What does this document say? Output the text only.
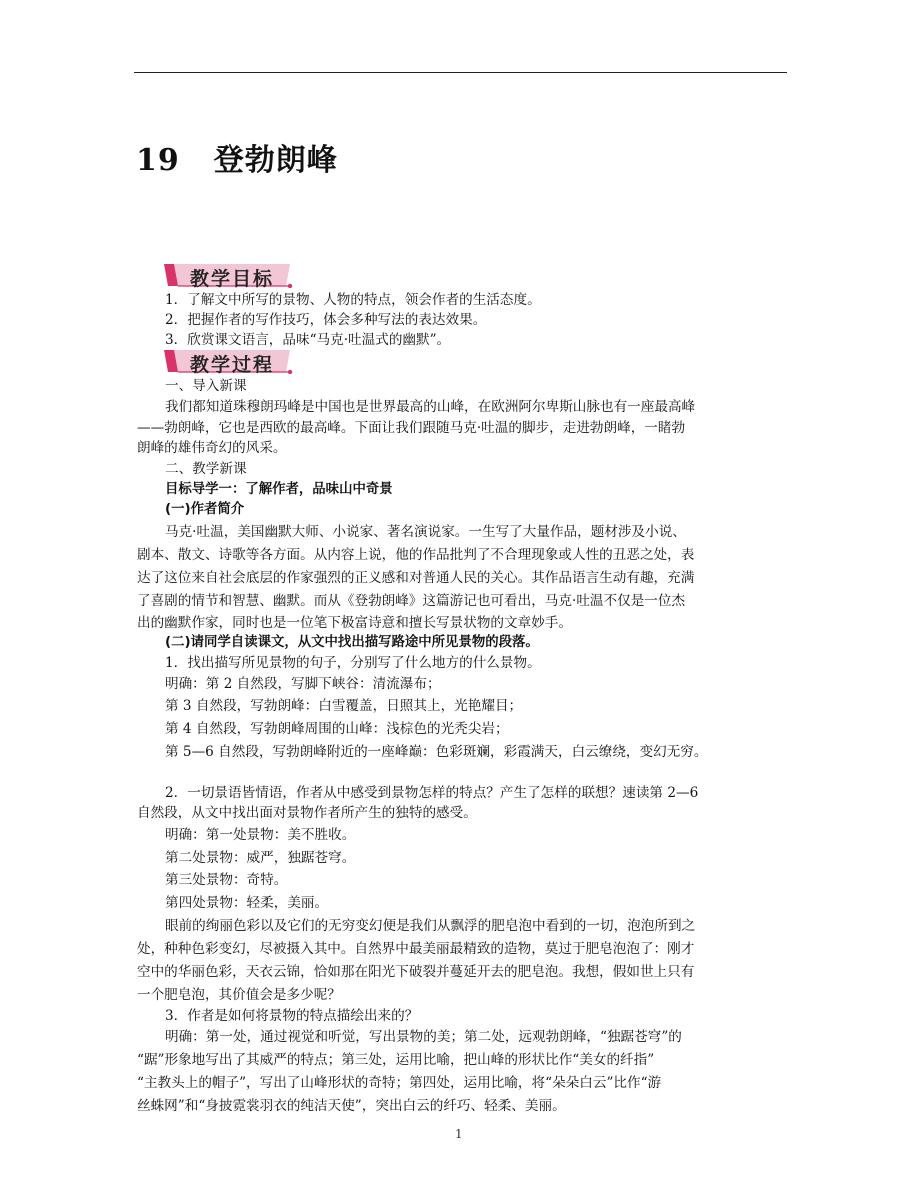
19 登勃朗峰
教学目标
1．了解文中所写的景物、人物的特点，领会作者的生活态度。
2．把握作者的写作技巧，体会多种写法的表达效果。
3．欣赏课文语言，品味“马克·吐温式的幽默”。
教学过程
一、导入新课
我们都知道珠穆朗玛峰是中国也是世界最高的山峰，在欧洲阿尔卑斯山脉也有一座最高峰
——勃朗峰，它也是西欧的最高峰。下面让我们跟随马克·吐温的脚步，走进勃朗峰，一睹勃
朗峰的雄伟奇幻的风采。
二、教学新课
目标导学一：了解作者，品味山中奇景
(一)作者简介
马克·吐温，美国幽默大师、小说家、著名演说家。一生写了大量作品，题材涉及小说、
剧本、散文、诗歌等各方面。从内容上说，他的作品批判了不合理现象或人性的丑恶之处，表
达了这位来自社会底层的作家强烈的正义感和对普通人民的关心。其作品语言生动有趣，充满
了喜剧的情节和智慧、幽默。而从《登勃朗峰》这篇游记也可看出，马克·吐温不仅是一位杰
出的幽默作家，同时也是一位笔下极富诗意和擅长写景状物的文章妙手。
(二)请同学自读课文，从文中找出描写路途中所见景物的段落。
1．找出描写所见景物的句子，分别写了什么地方的什么景物。
明确：第 2 自然段，写脚下峡谷：清流瀑布；
第 3 自然段，写勃朗峰：白雪覆盖，日照其上，光艳耀目；
第 4 自然段，写勃朗峰周围的山峰：浅棕色的光秃尖岩；
第 5—6 自然段，写勃朗峰附近的一座峰巅：色彩斑斓，彩霞满天，白云缭绕，变幻无穷。
2．一切景语皆情语，作者从中感受到景物怎样的特点？产生了怎样的联想？速读第 2—6
自然段，从文中找出面对景物作者所产生的独特的感受。
明确：第一处景物：美不胜收。
第二处景物：威严，独踞苍穹。
第三处景物：奇特。
第四处景物：轻柔，美丽。
眼前的绚丽色彩以及它们的无穷变幻便是我们从飘浮的肥皂泡中看到的一切，泡泡所到之
处，种种色彩变幻，尽被摄入其中。自然界中最美丽最精致的造物，莫过于肥皂泡泡了：刚才
空中的华丽色彩，天衣云锦，恰如那在阳光下破裂并蔓延开去的肥皂泡。我想，假如世上只有
一个肥皂泡，其价值会是多少呢？
3．作者是如何将景物的特点描绘出来的？
明确：第一处，通过视觉和听觉，写出景物的美；第二处，远观勃朗峰，“独踞苍穹”的
“踞”形象地写出了其威严的特点；第三处，运用比喻，把山峰的形状比作“美女的纤指”
“主教头上的帽子”，写出了山峰形状的奇特；第四处，运用比喻，将“朵朵白云”比作“游
丝蛛网”和“身披霓裳羽衣的纯洁天使”，突出白云的纤巧、轻柔、美丽。
1
